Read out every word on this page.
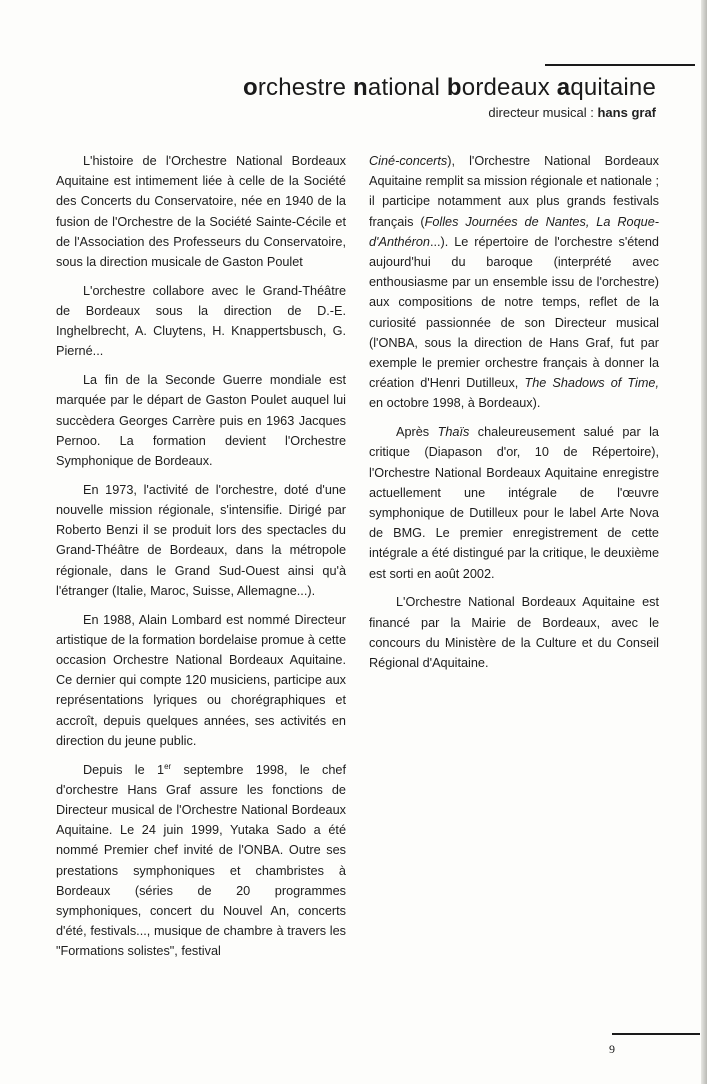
orchestre national bordeaux aquitaine
directeur musical : hans graf

L'histoire de l'Orchestre National Bordeaux Aquitaine est intimement liée à celle de la Société des Concerts du Conservatoire, née en 1940 de la fusion de l'Orchestre de la Société Sainte-Cécile et de l'Association des Professeurs du Conservatoire, sous la direction musicale de Gaston Poulet

L'orchestre collabore avec le Grand-Théâtre de Bordeaux sous la direction de D.-E. Inghelbrecht, A. Cluytens, H. Knappertsbusch, G. Pierné...

La fin de la Seconde Guerre mondiale est marquée par le départ de Gaston Poulet auquel lui succèdera Georges Carrère puis en 1963 Jacques Pernoo. La formation devient l'Orchestre Symphonique de Bordeaux.

En 1973, l'activité de l'orchestre, doté d'une nouvelle mission régionale, s'intensifie. Dirigé par Roberto Benzi il se produit lors des spectacles du Grand-Théâtre de Bordeaux, dans la métropole régionale, dans le Grand Sud-Ouest ainsi qu'à l'étranger (Italie, Maroc, Suisse, Allemagne...).

En 1988, Alain Lombard est nommé Directeur artistique de la formation bordelaise promue à cette occasion Orchestre National Bordeaux Aquitaine. Ce dernier qui compte 120 musiciens, participe aux représentations lyriques ou chorégraphiques et accroît, depuis quelques années, ses activités en direction du jeune public.

Depuis le 1er septembre 1998, le chef d'orchestre Hans Graf assure les fonctions de Directeur musical de l'Orchestre National Bordeaux Aquitaine. Le 24 juin 1999, Yutaka Sado a été nommé Premier chef invité de l'ONBA. Outre ses prestations symphoniques et chambristes à Bordeaux (séries de 20 programmes symphoniques, concert du Nouvel An, concerts d'été, festivals..., musique de chambre à travers les "Formations solistes", festival

Ciné-concerts), l'Orchestre National Bordeaux Aquitaine remplit sa mission régionale et nationale ; il participe notamment aux plus grands festivals français (Folles Journées de Nantes, La Roque-d'Anthéron...). Le répertoire de l'orchestre s'étend aujourd'hui du baroque (interprété avec enthousiasme par un ensemble issu de l'orchestre) aux compositions de notre temps, reflet de la curiosité passionnée de son Directeur musical (l'ONBA, sous la direction de Hans Graf, fut par exemple le premier orchestre français à donner la création d'Henri Dutilleux, The Shadows of Time, en octobre 1998, à Bordeaux).

Après Thaïs chaleureusement salué par la critique (Diapason d'or, 10 de Répertoire), l'Orchestre National Bordeaux Aquitaine enregistre actuellement une intégrale de l'œuvre symphonique de Dutilleux pour le label Arte Nova de BMG. Le premier enregistrement de cette intégrale a été distingué par la critique, le deuxième est sorti en août 2002.

L'Orchestre National Bordeaux Aquitaine est financé par la Mairie de Bordeaux, avec le concours du Ministère de la Culture et du Conseil Régional d'Aquitaine.

9
